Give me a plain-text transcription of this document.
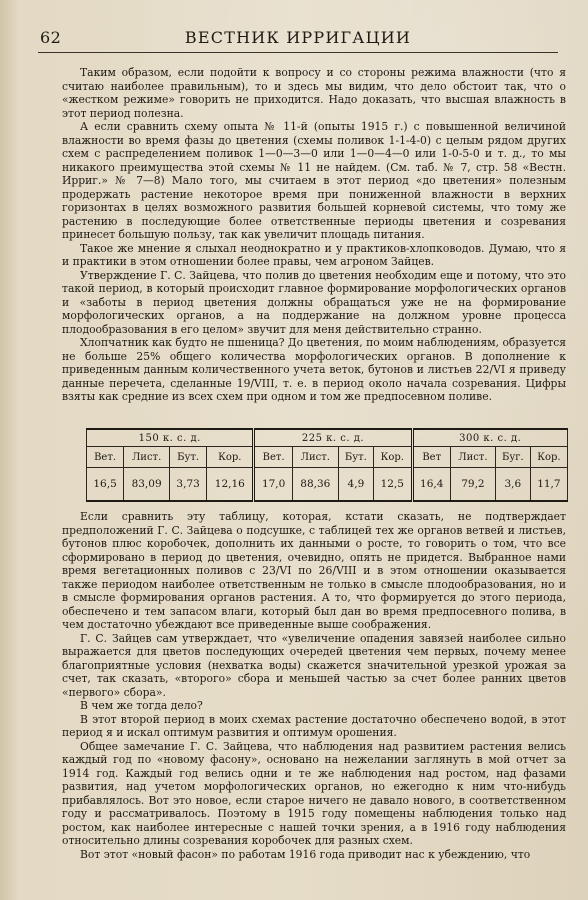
62	ВЕСТНИК ИРРИГАЦИИ

Таким образом, если подойти к вопросу и со стороны режима влажности (что я считаю наиболее правильным), то и здесь мы видим, что дело обстоит так, что о «жестком режиме» говорить не приходится. Надо доказать, что высшая влажность в этот период полезна.

А если сравнить схему опыта № 11-й (опыты 1915 г.) с повышенной величиной влажности во время фазы до цветения (схемы поливок 1-1-4-0) с целым рядом других схем с распределением поливок 1—0—3—0 или 1—0—4—0 или 1-0-5-0 и т. д., то мы никакого преимущества этой схемы № 11 не найдем. (См. таб. № 7, стр. 58 «Вестн. Ирриг.» № 7—8) Мало того, мы считаем в этот период «до цветения» полезным продержать растение некоторое время при пониженной влажности в верхних горизонтах в целях возможного развития большей корневой системы, что тому же растению в последующие более ответственные периоды цветения и созревания принесет большую пользу, так как увеличит площадь питания.

Такое же мнение я слыхал неоднократно и у практиков-хлопководов. Думаю, что я и практики в этом отношении более правы, чем агроном Зайцев.

Утверждение Г. С. Зайцева, что полив до цветения необходим еще и потому, что это такой период, в который происходит главное формирование морфологических органов и «заботы в период цветения должны обращаться уже не на формирование морфологических органов, а на поддержание на должном уровне процесса плодообразования в его целом» звучит для меня действительно странно.

Хлопчатник как будто не пшеница? До цветения, по моим наблюдениям, образуется не больше 25% общего количества морфологических органов. В дополнение к приведенным данным количественного учета веток, бутонов и листьев 22/VI я приведу данные перечета, сделанные 19/VIII, т. е. в период около начала созревания. Цифры взяты как средние из всех схем при одном и том же предпосевном поливе.

150 к. с. д.				225 к. с. д.				300 к. с. д.			
Вет.	Лист.	Бут.	Кор.	Вет.	Лист.	Бут.	Кор.	Вет	Лист.	Буг.	Кор.
16,5	83,09	3,73	12,16	17,0	88,36	4,9	12,5	16,4	79,2	3,6	11,7

Если сравнить эту таблицу, которая, кстати сказать, не подтверждает предположений Г. С. Зайцева о подсушке, с таблицей тех же органов ветвей и листьев, бутонов плюс коробочек, дополнить их данными о росте, то говорить о том, что все сформировано в период до цветения, очевидно, опять не придется. Выбранное нами время вегетационных поливов с 23/VI по 26/VIII и в этом отношении оказывается также периодом наиболее ответственным не только в смысле плодообразования, но и в смысле формирования органов растения. А то, что формируется до этого периода, обеспечено и тем запасом влаги, который был дан во время предпосевного полива, в чем достаточно убеждают все приведенные выше соображения.

Г. С. Зайцев сам утверждает, что «увеличение опадения завязей наиболее сильно выражается для цветов последующих очередей цветения чем первых, почему менее благоприятные условия (нехватка воды) скажется значительной урезкой урожая за счет, так сказать, «второго» сбора и меньшей частью за счет более ранних цветов «первого» сбора».

В чем же тогда дело?

В этот второй период в моих схемах растение достаточно обеспечено водой, в этот период я и искал оптимум развития и оптимум орошения.

Общее замечание Г. С. Зайцева, что наблюдения над развитием растения велись каждый год по «новому фасону», основано на нежелании заглянуть в мой отчет за 1914 год. Каждый год велись одни и те же наблюдения над ростом, над фазами развития, над учетом морфологических органов, но ежегодно к ним что-нибудь прибавлялось. Вот это новое, если старое ничего не давало нового, в соответственном году и рассматривалось. Поэтому в 1915 году помещены наблюдения только над ростом, как наиболее интересные с нашей точки зрения, а в 1916 году наблюдения относительно длины созревания коробочек для разных схем.

Вот этот «новый фасон» по работам 1916 года приводит нас к убеждению, что
